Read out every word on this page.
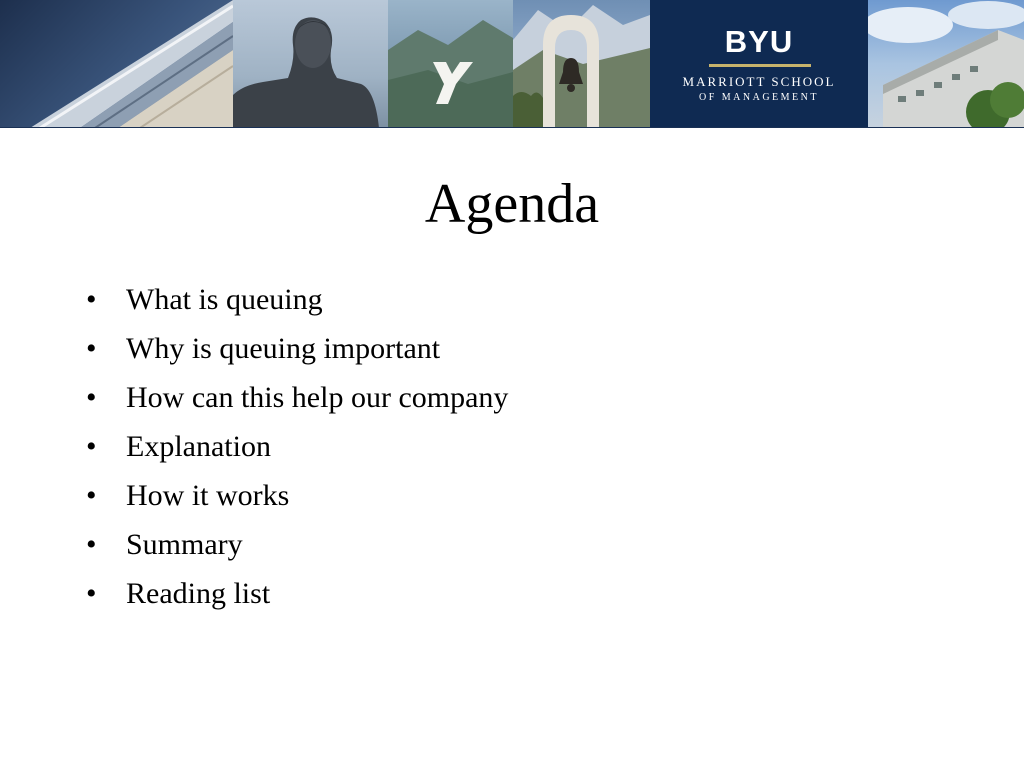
BYU
MARRIOTT SCHOOL
OF MANAGEMENT
Agenda
• What is queuing
• Why is queuing important
• How can this help our company
• Explanation
• How it works
• Summary
• Reading list
